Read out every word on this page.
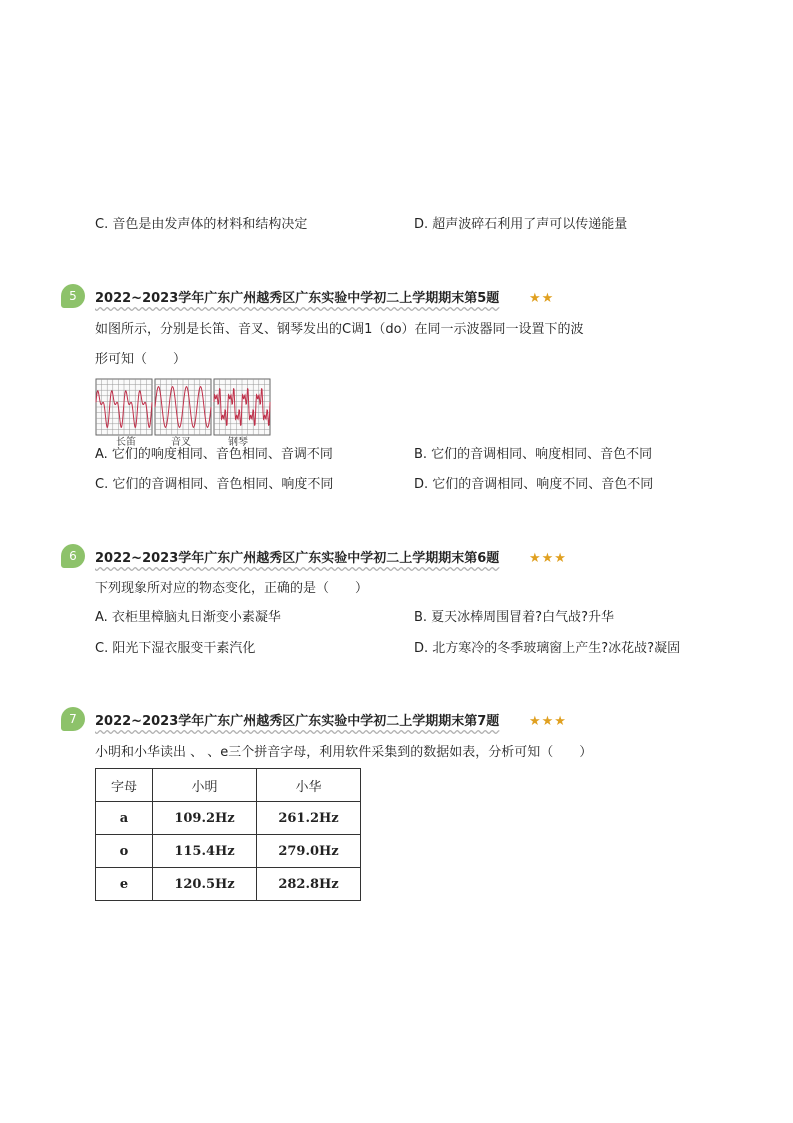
C. 音色是由发声体的材料和结构决定	D. 超声波碎石利用了声可以传递能量
5	2022~2023学年广东广州越秀区广东实验中学初二上学期期末第5题 ★★
如图所示，分别是长笛、音叉、钢琴发出的C调1（do）在同一示波器同一设置下的波
形可知（　　）
长笛	音叉	钢琴
A. 它们的响度相同、音色相同、音调不同	B. 它们的音调相同、响度相同、音色不同
C. 它们的音调相同、音色相同、响度不同	D. 它们的音调相同、响度不同、音色不同
6	2022~2023学年广东广州越秀区广东实验中学初二上学期期末第6题 ★★★
下列现象所对应的物态变化，正确的是（　　）
A. 衣柜里樟脑丸日渐变小素凝华	B. 夏天冰棒周围冒着?白气敁?升华
C. 阳光下湿衣服变干素汽化	D. 北方寒冷的冬季玻璃窗上产生?冰花敁?凝固
7	2022~2023学年广东广州越秀区广东实验中学初二上学期期末第7题 ★★★
小明和小华读出 、 、e三个拼音字母，利用软件采集到的数据如表，分析可知（　　）
字母	小明	小华
a	109.2Hz	261.2Hz
o	115.4Hz	279.0Hz
e	120.5Hz	282.8Hz
